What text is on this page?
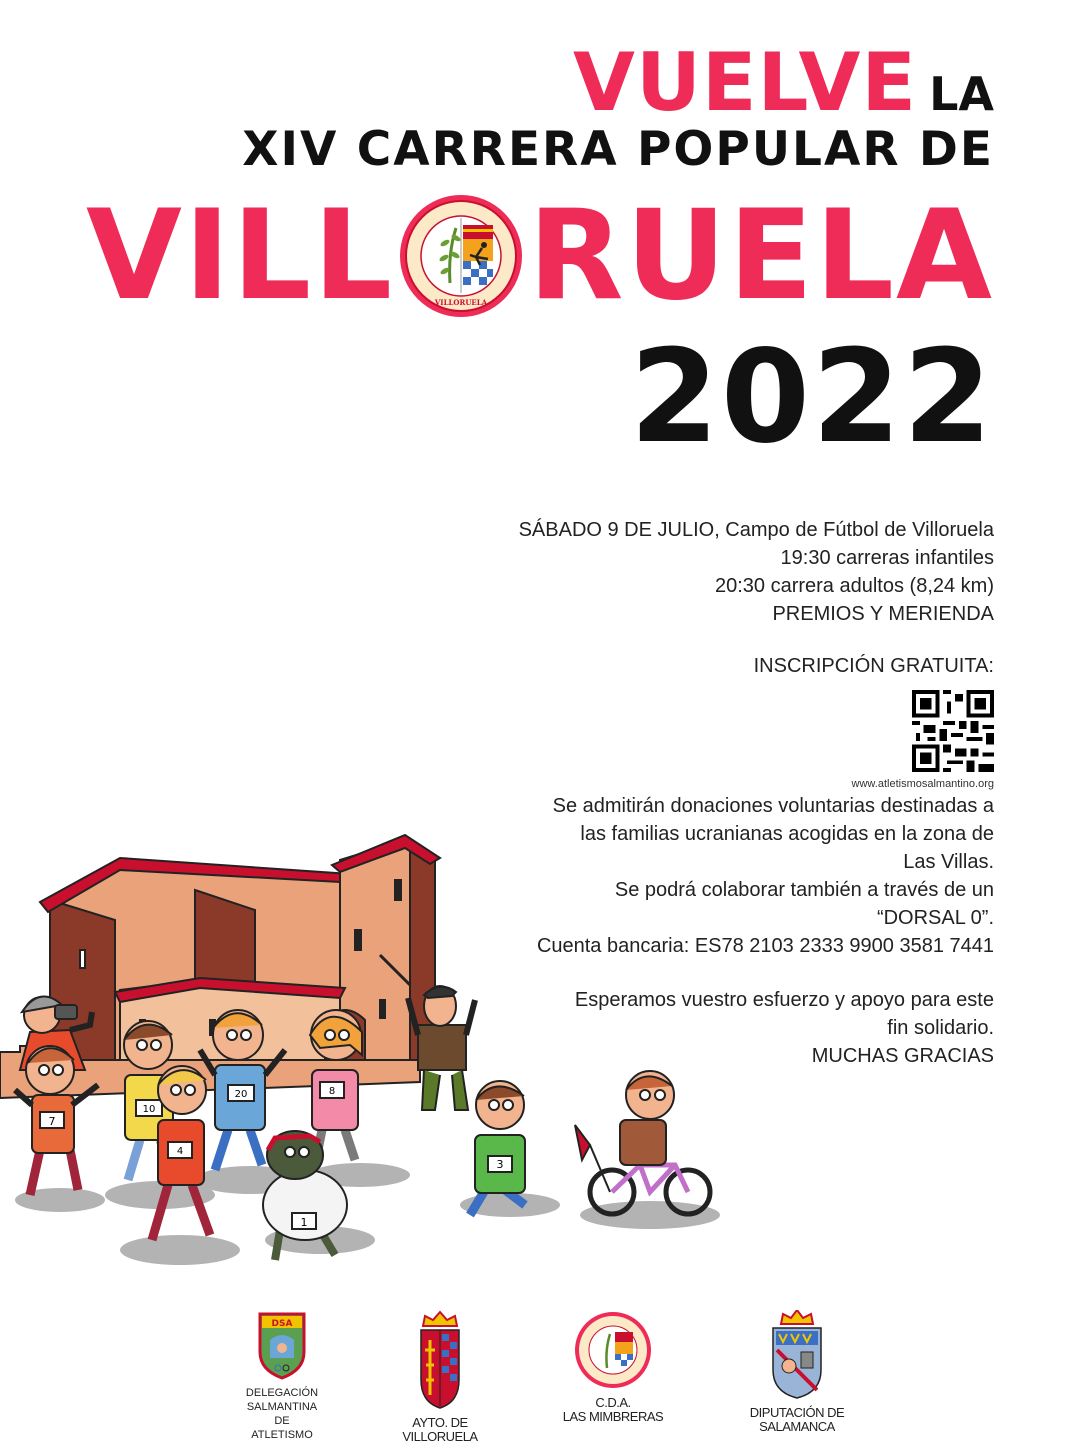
VUELVE LA
XIV CARRERA POPULAR DE
VILL	VILLORUELA RUELA
2022

SÁBADO 9 DE JULIO, Campo de Fútbol de Villoruela

19:30 carreras infantiles

20:30 carrera adultos (8,24 km)

PREMIOS Y MERIENDA

INSCRIPCIÓN GRATUITA:
www.atletismosalmantino.org

Se admitirán donaciones voluntarias destinadas a

las familias ucranianas acogidas en la zona de

Las Villas.

Se podrá colaborar también a través de un

“DORSAL 0”.

Cuenta bancaria: ES78 2103 2333 9900 3581 7441

Esperamos vuestro esfuerzo y apoyo para este

fin solidario.

MUCHAS GRACIAS

7
10
20
4
8
1
3
DSA
DELEGACIÓN
SALMANTINA
DE
ATLETISMO
AYTO. DE
VILLORUELA
C.D.A.
LAS MIMBRERAS	DIPUTACIÓN DE
SALAMANCA
